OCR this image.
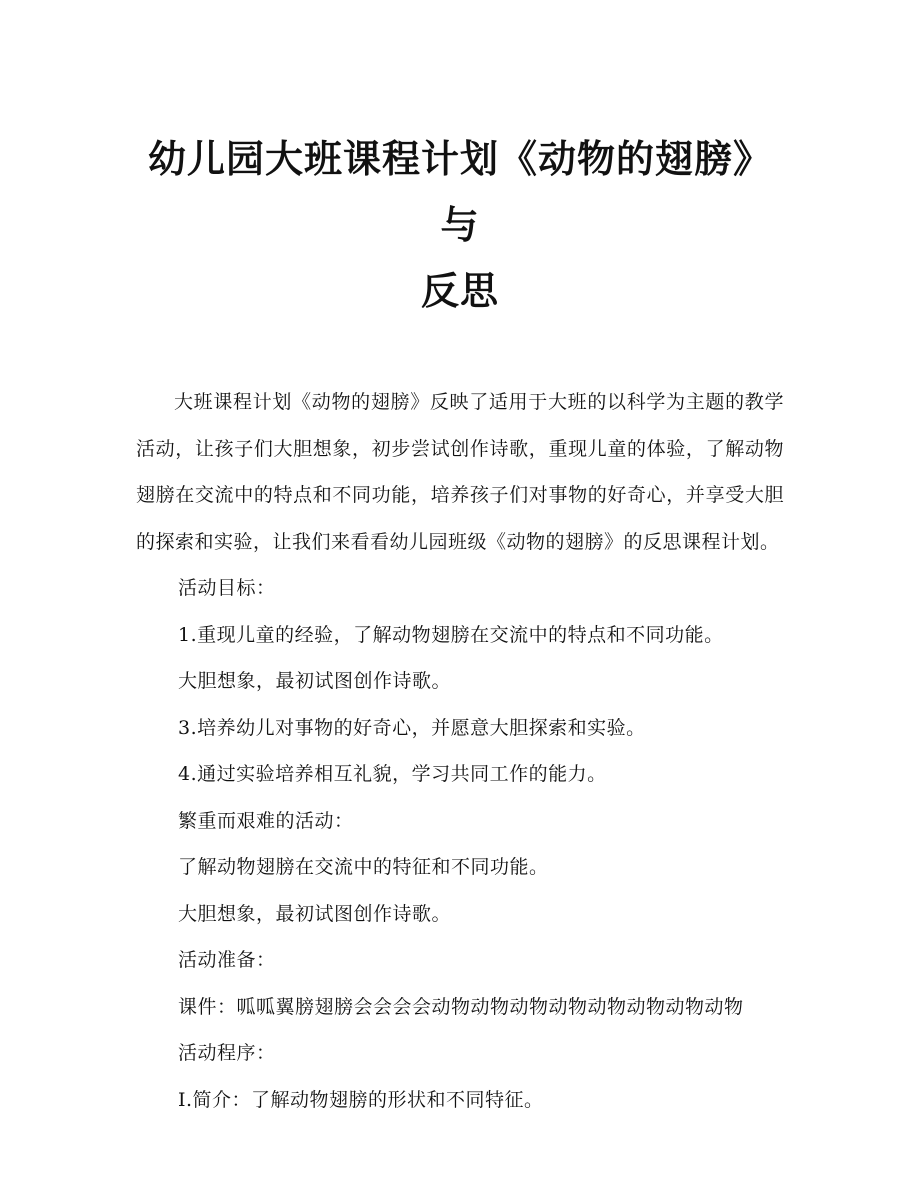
幼儿园大班课程计划《动物的翅膀》与
反思

大班课程计划《动物的翅膀》反映了适用于大班的以科学为主题的教学活动，让孩子们大胆想象，初步尝试创作诗歌，重现儿童的体验，了解动物翅膀在交流中的特点和不同功能，培养孩子们对事物的好奇心，并享受大胆的探索和实验，让我们来看看幼儿园班级《动物的翅膀》的反思课程计划。

活动目标：

1.重现儿童的经验，了解动物翅膀在交流中的特点和不同功能。

大胆想象，最初试图创作诗歌。

3.培养幼儿对事物的好奇心，并愿意大胆探索和实验。

4.通过实验培养相互礼貌，学习共同工作的能力。

繁重而艰难的活动：

了解动物翅膀在交流中的特征和不同功能。

大胆想象，最初试图创作诗歌。

活动准备：

课件：呱呱翼膀翅膀会会会会动物动物动物动物动物动物动物动物

活动程序：

I.简介：了解动物翅膀的形状和不同特征。
